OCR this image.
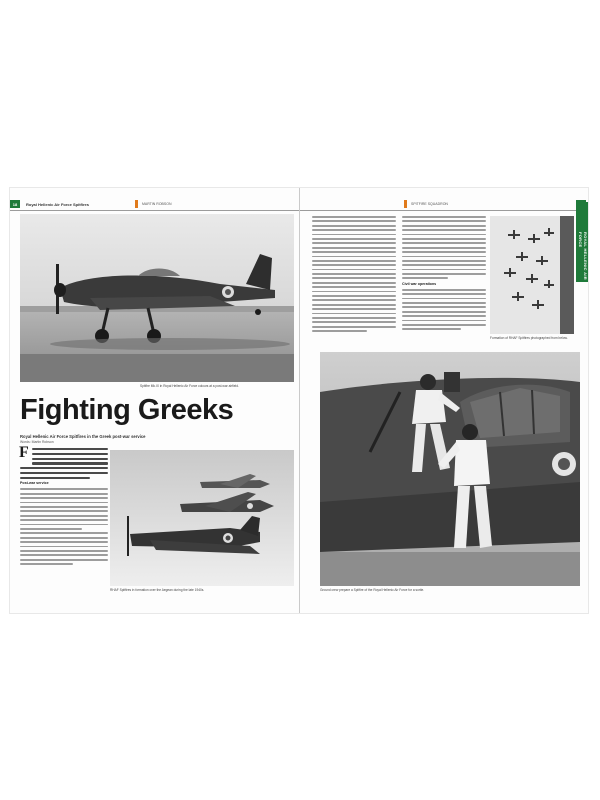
18	Royal Hellenic Air Force Spitfires	MARTIN ROBSON
Spitfire Mk.IX in Royal Hellenic Air Force colours at a post-war airfield.
Fighting Greeks
Royal Hellenic Air Force Spitfires in the Greek post-war service
Words: Martin Robson
F
Post-war service
RHAF Spitfires in formation over the Aegean during the late 1940s.
SPITFIRE SQUADRON
ROYAL HELLENIC AIR FORCE
Civil war operations
Formation of RHAF Spitfires photographed from below.
Ground crew prepare a Spitfire of the Royal Hellenic Air Force for a sortie.
